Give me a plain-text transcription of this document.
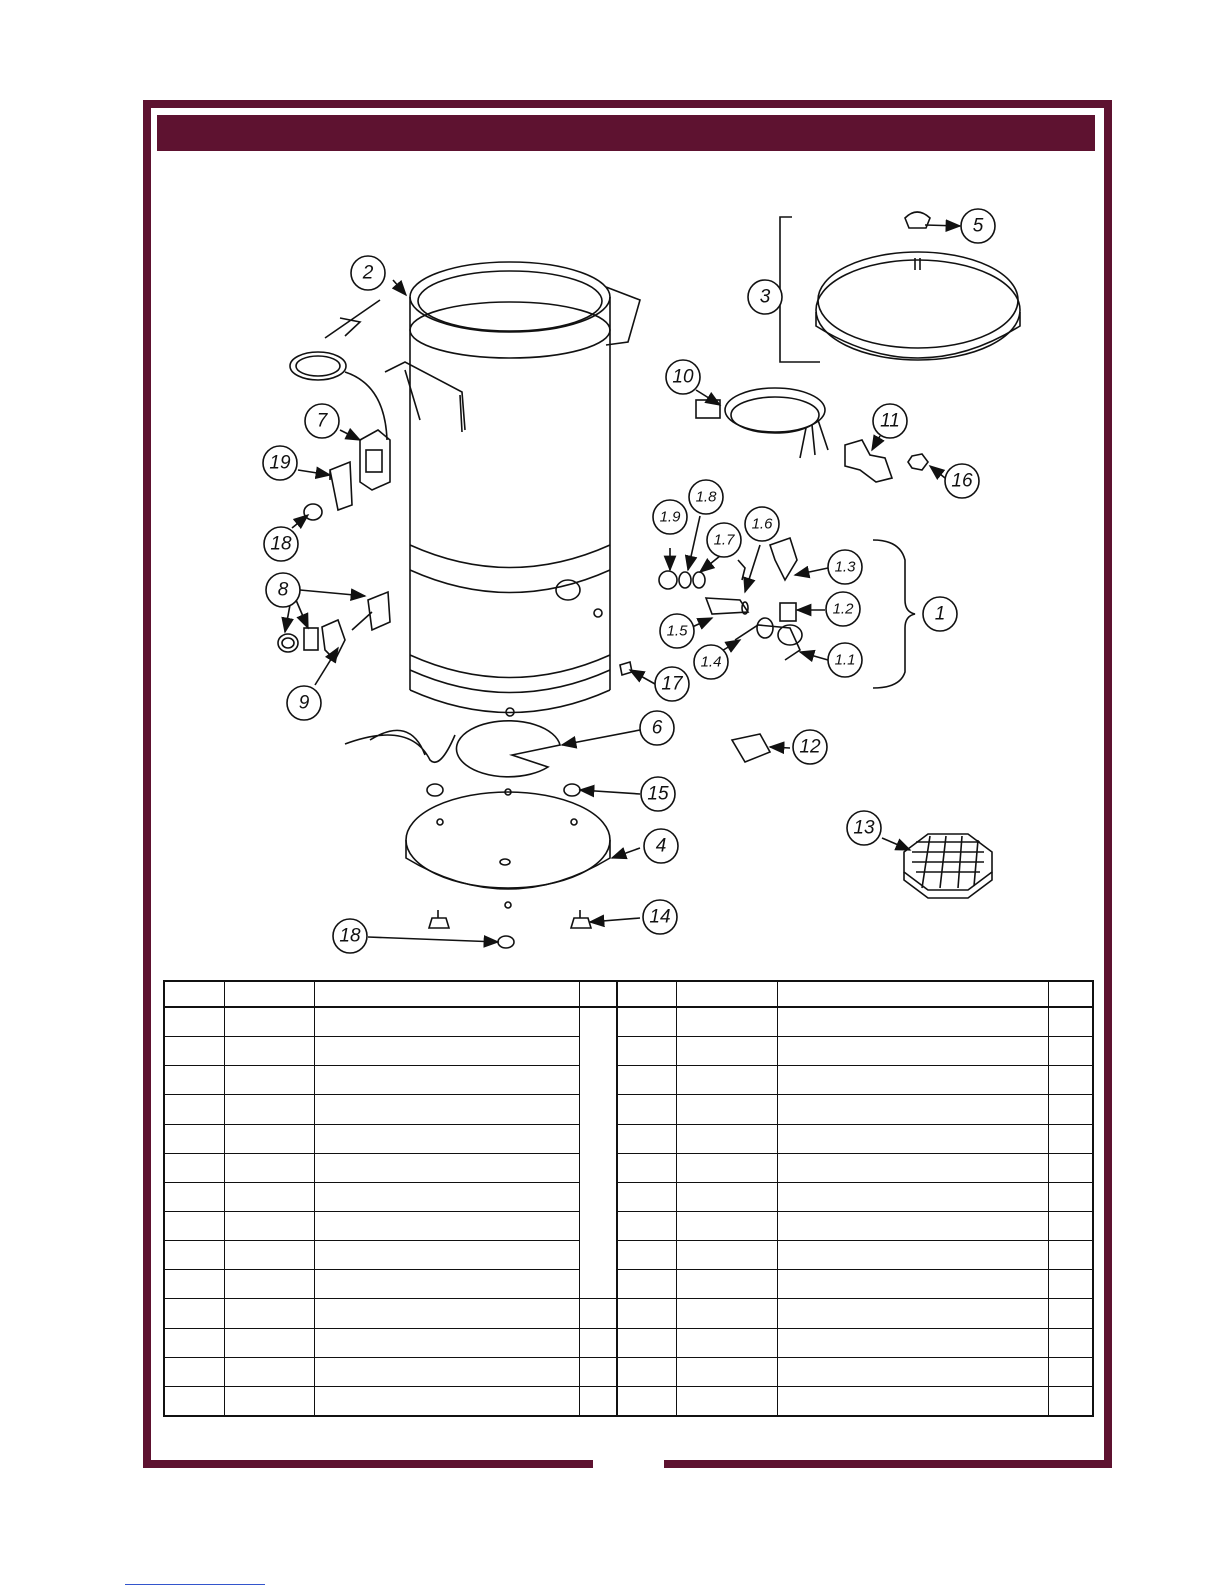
2
5
3
10
7	11
19
16
1.9
1.8
1.7
1.6
18
1.3
8
1.2	1
1.5
1.1
1.4
17
9
6
12
15
13
4
14
18
